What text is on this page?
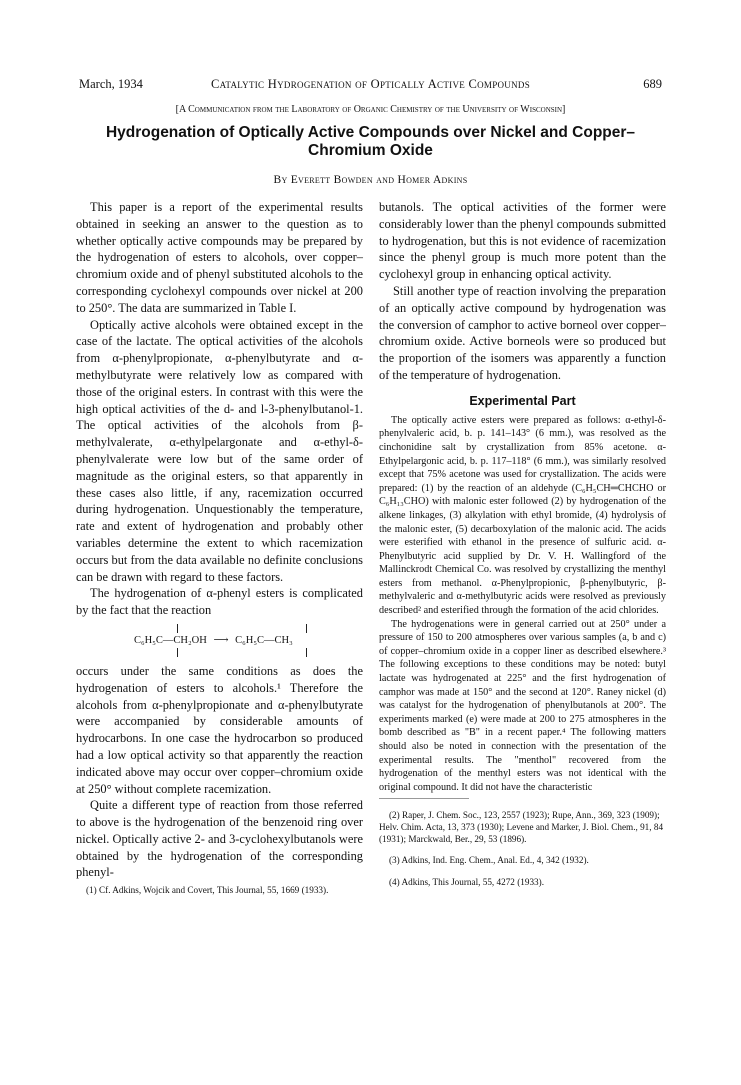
March, 1934	Catalytic Hydrogenation of Optically Active Compounds	689
[A Communication from the Laboratory of Organic Chemistry of the University of Wisconsin]
Hydrogenation of Optically Active Compounds over Nickel and Copper–Chromium Oxide
By Everett Bowden and Homer Adkins

This paper is a report of the experimental results obtained in seeking an answer to the question as to whether optically active compounds may be prepared by the hydrogenation of esters to alcohols, over copper–chromium oxide and of phenyl substituted alcohols to the corresponding cyclohexyl compounds over nickel at 200 to 250°. The data are summarized in Table I.

Optically active alcohols were obtained except in the case of the lactate. The optical activities of the alcohols from α-phenylpropionate, α-phenylbutyrate and α-methylbutyrate were relatively low as compared with those of the original esters. In contrast with this were the high optical activities of the d- and l-3-phenylbutanol-1. The optical activities of the alcohols from β-methylvalerate, α-ethylpelargonate and α-ethyl-δ-phenylvalerate were low but of the same order of magnitude as the original esters, so that apparently in these cases also little, if any, racemization occurred during hydrogenation. Unquestionably the temperature, rate and extent of hydrogenation and probably other variables determine the extent to which racemization occurs but from the data available no definite conclusions can be drawn with regard to these factors.

The hydrogenation of α-phenyl esters is complicated by the fact that the reaction

C₆H₅C—CH₂OH ⟶ C₆H₅C—CH₃

occurs under the same conditions as does the hydrogenation of esters to alcohols.¹ Therefore the alcohols from α-phenylpropionate and α-phenylbutyrate were accompanied by considerable amounts of hydrocarbons. In one case the hydrocarbon so produced had a low optical activity so that apparently the reaction indicated above may occur over copper–chromium oxide at 250° without complete racemization.

Quite a different type of reaction from those referred to above is the hydrogenation of the benzenoid ring over nickel. Optically active 2- and 3-cyclohexylbutanols were obtained by the hydrogenation of the corresponding phenyl-

(1) Cf. Adkins, Wojcik and Covert, This Journal, 55, 1669 (1933).

butanols. The optical activities of the former were considerably lower than the phenyl compounds submitted to hydrogenation, but this is not evidence of racemization since the phenyl group is much more potent than the cyclohexyl group in enhancing optical activity.

Still another type of reaction involving the preparation of an optically active compound by hydrogenation was the conversion of camphor to active borneol over copper–chromium oxide. Active borneols were so produced but the proportion of the isomers was apparently a function of the temperature of hydrogenation.

Experimental Part

The optically active esters were prepared as follows: α-ethyl-δ-phenylvaleric acid, b. p. 141–143° (6 mm.), was resolved as the cinchonidine salt by crystallization from 85% acetone. α-Ethylpelargonic acid, b. p. 117–118° (6 mm.), was similarly resolved except that 75% acetone was used for crystallization. The acids were prepared: (1) by the reaction of an aldehyde (C₆H₅CH═CHCHO or C₆H₁₃CHO) with malonic ester followed (2) by hydrogenation of the alkene linkages, (3) alkylation with ethyl bromide, (4) hydrolysis of the malonic ester, (5) decarboxylation of the malonic acid. The acids were esterified with ethanol in the presence of sulfuric acid. α-Phenylbutyric acid supplied by Dr. V. H. Wallingford of the Mallinckrodt Chemical Co. was resolved by crystallizing the menthyl esters from methanol. α-Phenylpropionic, β-phenylbutyric, β-methylvaleric and α-methylbutyric acids were resolved as previously described² and esterified through the formation of the acid chlorides.

The hydrogenations were in general carried out at 250° under a pressure of 150 to 200 atmospheres over various samples (a, b and c) of copper–chromium oxide in a copper liner as described elsewhere.³ The following exceptions to these conditions may be noted: butyl lactate was hydrogenated at 225° and the first hydrogenation of camphor was made at 150° and the second at 120°. Raney nickel (d) was catalyst for the hydrogenation of phenylbutanols at 200°. The experiments marked (e) were made at 200 to 275 atmospheres in the bomb described as "B" in a recent paper.⁴ The following matters should also be noted in connection with the presentation of the experimental results. The "menthol" recovered from the hydrogenation of the menthyl esters was not identical with the original compound. It did not have the characteristic

(2) Raper, J. Chem. Soc., 123, 2557 (1923); Rupe, Ann., 369, 323 (1909); Helv. Chim. Acta, 13, 373 (1930); Levene and Marker, J. Biol. Chem., 91, 84 (1931); Marckwald, Ber., 29, 53 (1896).

(3) Adkins, Ind. Eng. Chem., Anal. Ed., 4, 342 (1932).

(4) Adkins, This Journal, 55, 4272 (1933).
